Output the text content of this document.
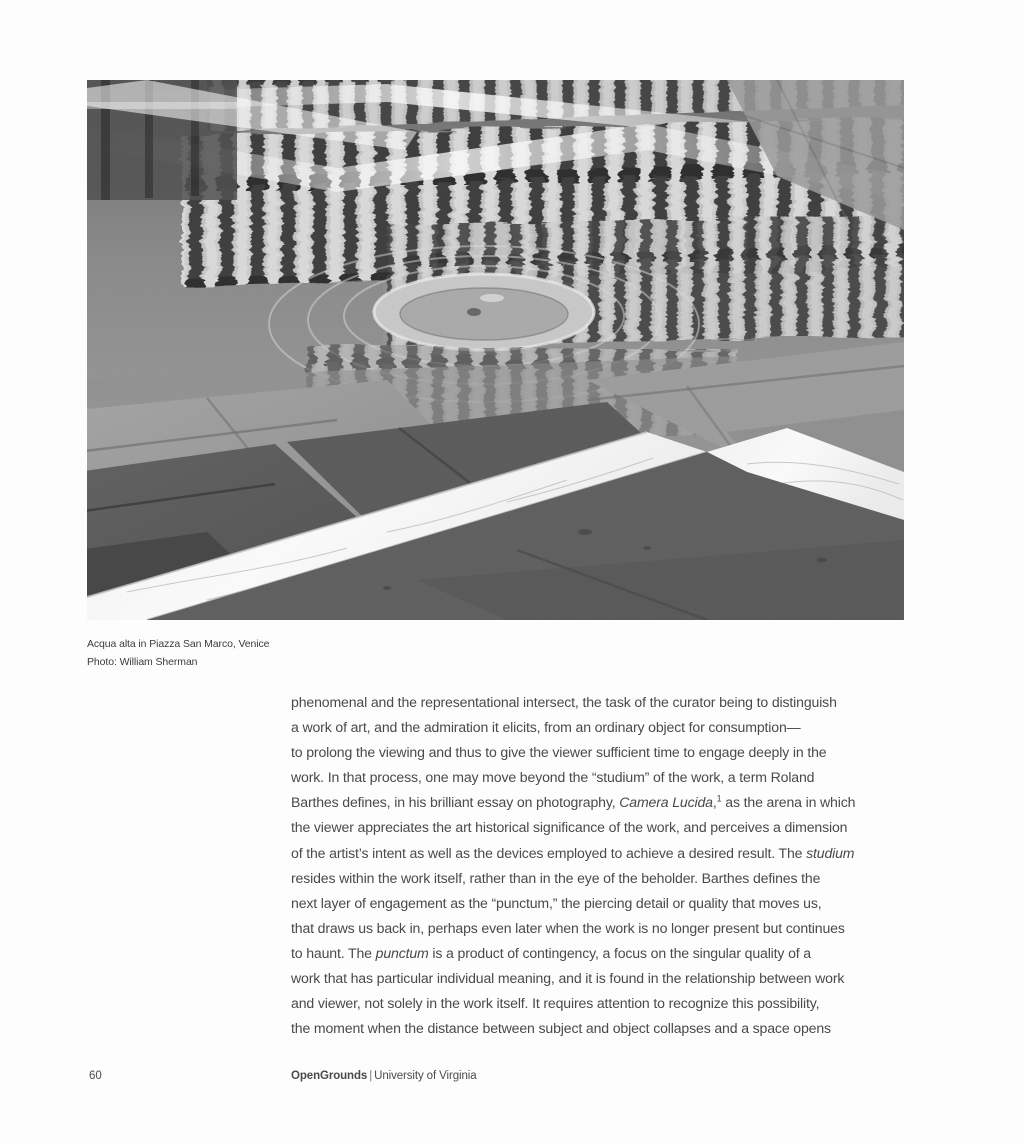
Acqua alta in Piazza San Marco, Venice
Photo: William Sherman

phenomenal and the representational intersect, the task of the curator being to distinguish
a work of art, and the admiration it elicits, from an ordinary object for consumption—
to prolong the viewing and thus to give the viewer sufficient time to engage deeply in the
work. In that process, one may move beyond the “studium” of the work, a term Roland
Barthes defines, in his brilliant essay on photography, Camera Lucida,$^1$ as the arena in which
the viewer appreciates the art historical significance of the work, and perceives a dimension
of the artist’s intent as well as the devices employed to achieve a desired result. The studium
resides within the work itself, rather than in the eye of the beholder. Barthes defines the
next layer of engagement as the “punctum,” the piercing detail or quality that moves us,
that draws us back in, perhaps even later when the work is no longer present but continues
to haunt. The punctum is a product of contingency, a focus on the singular quality of a
work that has particular individual meaning, and it is found in the relationship between work
and viewer, not solely in the work itself. It requires attention to recognize this possibility,
the moment when the distance between subject and object collapses and a space opens

60	OpenGrounds | University of Virginia
